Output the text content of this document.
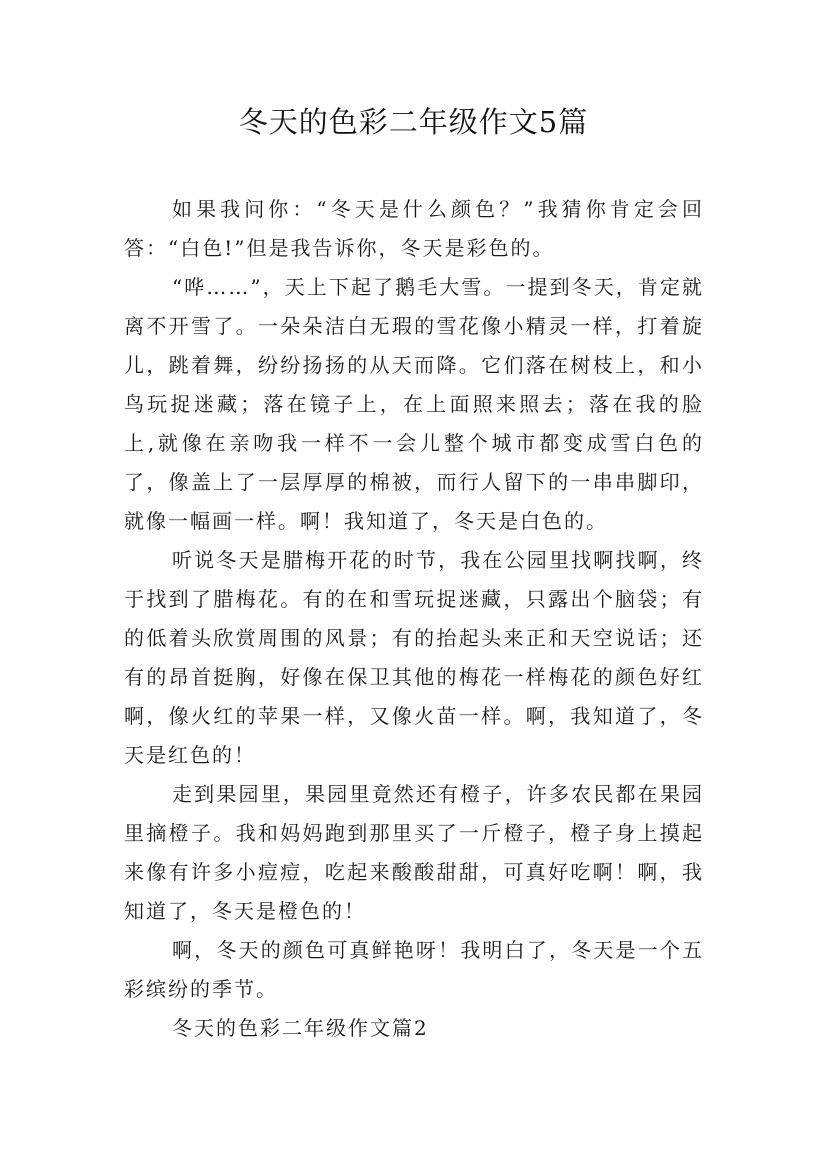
冬天的色彩二年级作文5篇

如果我问你：“冬天是什么颜色？”我猜你肯定会回答：“白色!”但是我告诉你，冬天是彩色的。

“哗……”，天上下起了鹅毛大雪。一提到冬天，肯定就离不开雪了。一朵朵洁白无瑕的雪花像小精灵一样，打着旋儿，跳着舞，纷纷扬扬的从天而降。它们落在树枝上，和小鸟玩捉迷藏；落在镜子上，在上面照来照去；落在我的脸上,就像在亲吻我一样不一会儿整个城市都变成雪白色的了，像盖上了一层厚厚的棉被，而行人留下的一串串脚印，就像一幅画一样。啊！我知道了，冬天是白色的。

听说冬天是腊梅开花的时节，我在公园里找啊找啊，终于找到了腊梅花。有的在和雪玩捉迷藏，只露出个脑袋；有的低着头欣赏周围的风景；有的抬起头来正和天空说话；还有的昂首挺胸，好像在保卫其他的梅花一样梅花的颜色好红啊，像火红的苹果一样，又像火苗一样。啊，我知道了，冬天是红色的！

走到果园里，果园里竟然还有橙子，许多农民都在果园里摘橙子。我和妈妈跑到那里买了一斤橙子，橙子身上摸起来像有许多小痘痘，吃起来酸酸甜甜，可真好吃啊！啊，我知道了，冬天是橙色的！

啊，冬天的颜色可真鲜艳呀！我明白了，冬天是一个五彩缤纷的季节。

冬天的色彩二年级作文篇2
